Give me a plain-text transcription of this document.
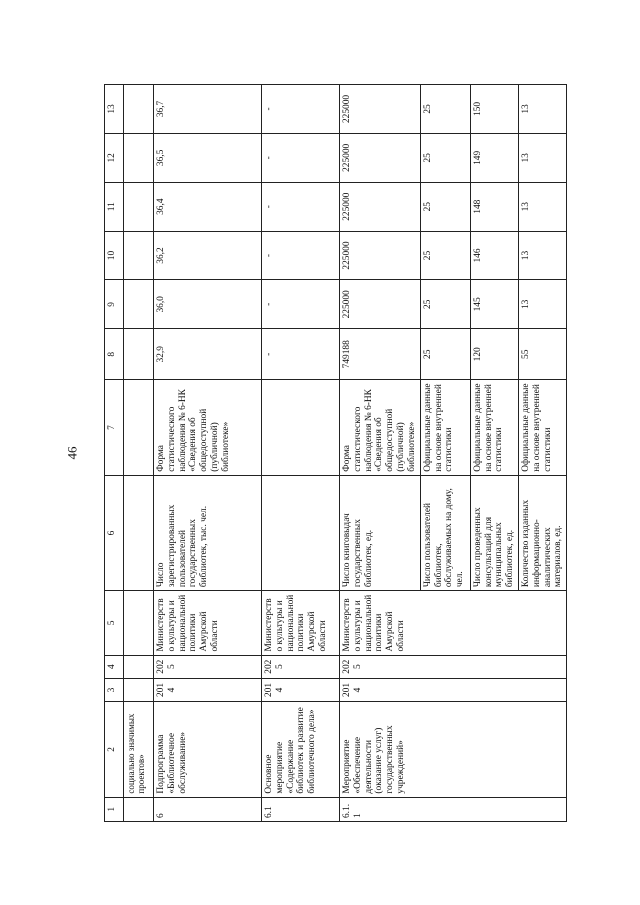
46
1	2	3	4	5	6	7	8	9	10	11	12	13
	социально значимых проектов»											
6	Подпрограмма «Библиотечное обслуживание»	2014	2025	Министерство культуры и национальной политики Амурской области	Число зарегистрированных пользователей государственных библиотек, тыс. чел.	Форма статистического наблюдения № 6-НК «Сведения об общедоступной (публичной) библиотеке»	32,9	36,0	36,2	36,4	36,5	36,7
6.1	Основное мероприятие «Содержание библиотек и развитие библиотечного дела»	2014	2025	Министерство культуры и национальной политики Амурской области			-	-	-	-	-	-
6.1.1	Мероприятие «Обеспечение деятельности (оказание услуг) государственных учреждений»	2014	2025	Министерство культуры и национальной политики Амурской области	Число книговыдач государственных библиотек, ед.	Форма статистического наблюдения № 6-НК «Сведения об общедоступной (публичной) библиотеке»	749188	225000	225000	225000	225000	225000
					Число пользователей библиотек, обслуживаемых на дому, чел.	Официальные данные на основе внутренней статистики	25	25	25	25	25	25
					Число проведенных консультаций для муниципальных библиотек, ед.	Официальные данные на основе внутренней статистики	120	145	146	148	149	150
					Количество изданных информационно-аналитических материалов, ед.	Официальные данные на основе внутренней статистики	55	13	13	13	13	13
